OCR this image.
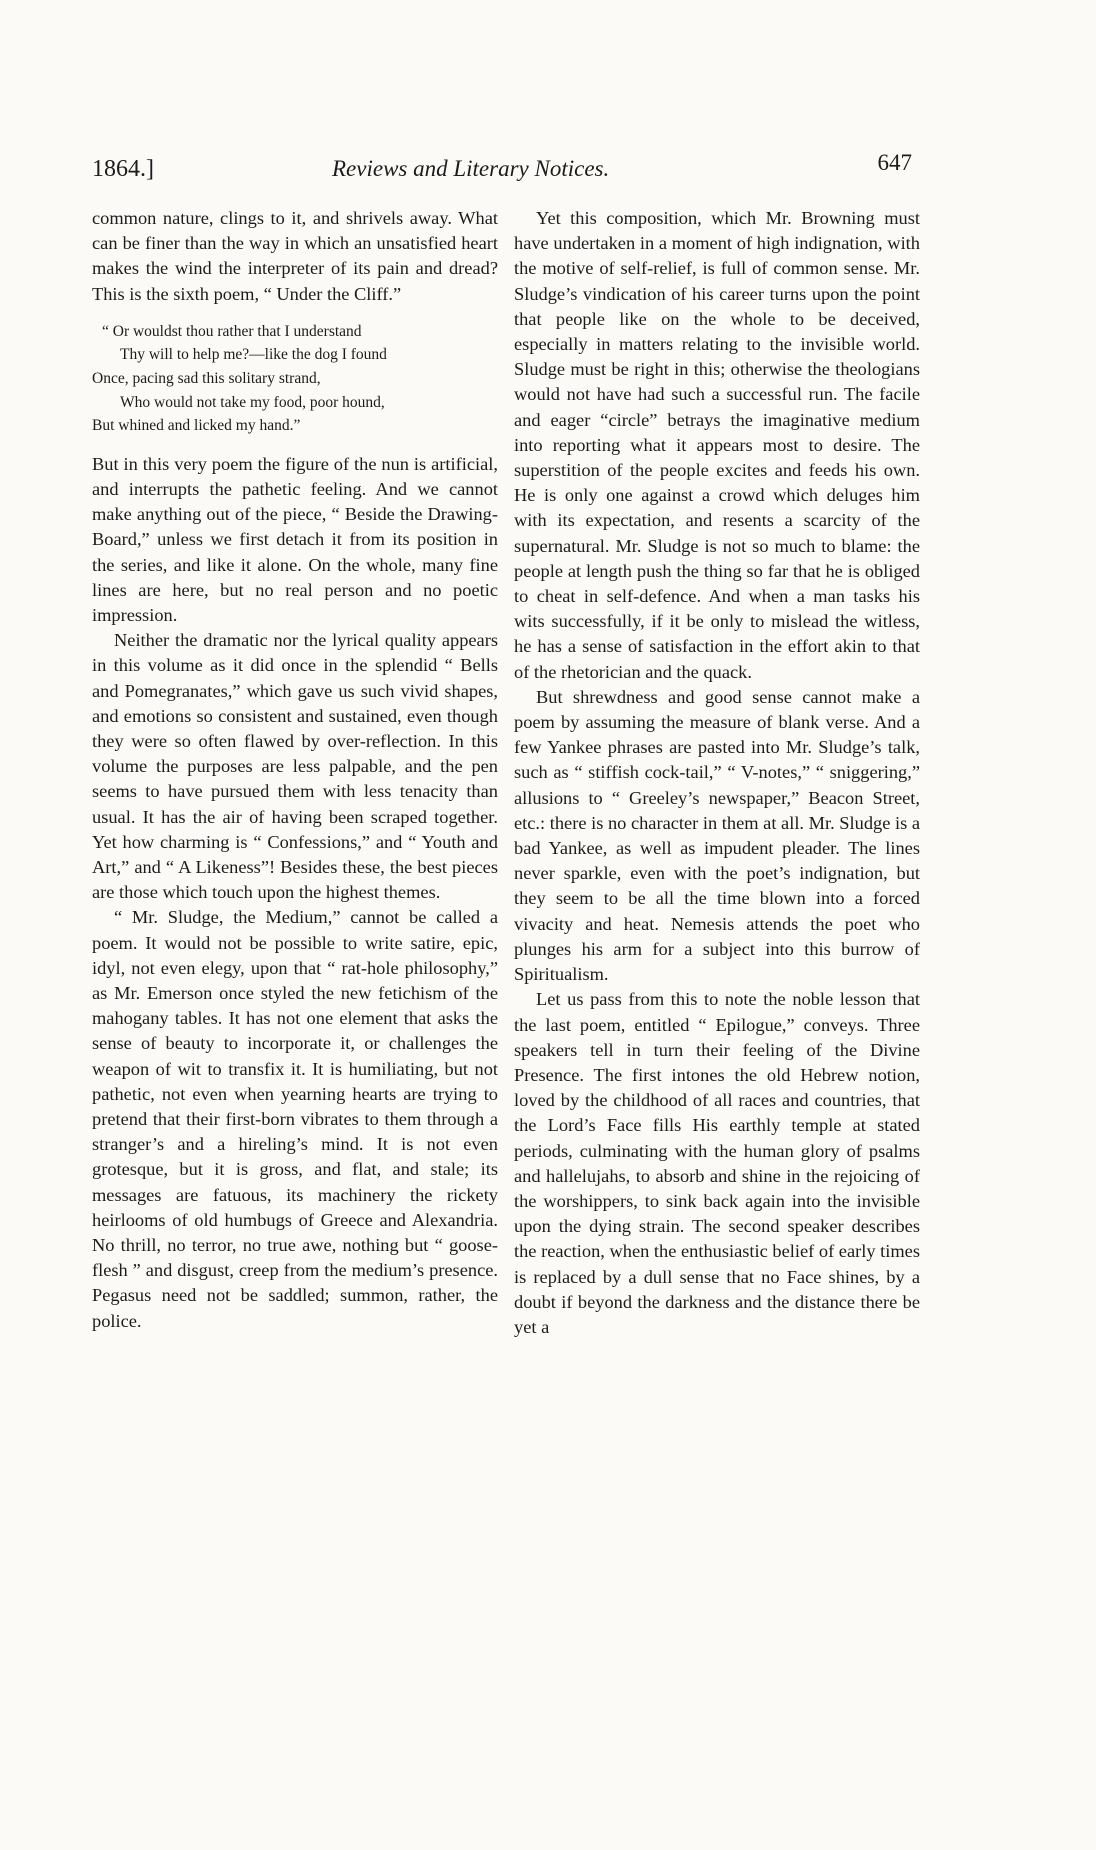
1864.]	Reviews and Literary Notices.	647

common nature, clings to it, and shrivels away. What can be finer than the way in which an unsatisfied heart makes the wind the interpreter of its pain and dread? This is the sixth poem, “ Under the Cliff.”

“ Or wouldst thou rather that I understand
Thy will to help me?—like the dog I found
Once, pacing sad this solitary strand,
Who would not take my food, poor hound,
But whined and licked my hand.”

But in this very poem the figure of the nun is artificial, and interrupts the pathetic feeling. And we cannot make anything out of the piece, “ Beside the Drawing-Board,” unless we first detach it from its position in the series, and like it alone. On the whole, many fine lines are here, but no real person and no poetic impression.

Neither the dramatic nor the lyrical quality appears in this volume as it did once in the splendid “ Bells and Pomegranates,” which gave us such vivid shapes, and emotions so consistent and sustained, even though they were so often flawed by over-reflection. In this volume the purposes are less palpable, and the pen seems to have pursued them with less tenacity than usual. It has the air of having been scraped together. Yet how charming is “ Confessions,” and “ Youth and Art,” and “ A Likeness”! Besides these, the best pieces are those which touch upon the highest themes.

“ Mr. Sludge, the Medium,” cannot be called a poem. It would not be possible to write satire, epic, idyl, not even elegy, upon that “ rat-hole philosophy,” as Mr. Emerson once styled the new fetichism of the mahogany tables. It has not one element that asks the sense of beauty to incorporate it, or challenges the weapon of wit to transfix it. It is humiliating, but not pathetic, not even when yearning hearts are trying to pretend that their first-born vibrates to them through a stranger’s and a hireling’s mind. It is not even grotesque, but it is gross, and flat, and stale; its messages are fatuous, its machinery the rickety heirlooms of old humbugs of Greece and Alexandria. No thrill, no terror, no true awe, nothing but “ goose-flesh ” and disgust, creep from the medium’s presence. Pegasus need not be saddled; summon, rather, the police.

Yet this composition, which Mr. Browning must have undertaken in a moment of high indignation, with the motive of self-relief, is full of common sense. Mr. Sludge’s vindication of his career turns upon the point that people like on the whole to be deceived, especially in matters relating to the invisible world. Sludge must be right in this; otherwise the theologians would not have had such a successful run. The facile and eager “circle” betrays the imaginative medium into reporting what it appears most to desire. The superstition of the people excites and feeds his own. He is only one against a crowd which deluges him with its expectation, and resents a scarcity of the supernatural. Mr. Sludge is not so much to blame: the people at length push the thing so far that he is obliged to cheat in self-defence. And when a man tasks his wits successfully, if it be only to mislead the witless, he has a sense of satisfaction in the effort akin to that of the rhetorician and the quack.

But shrewdness and good sense cannot make a poem by assuming the measure of blank verse. And a few Yankee phrases are pasted into Mr. Sludge’s talk, such as “ stiffish cock-tail,” “ V-notes,” “ sniggering,” allusions to “ Greeley’s newspaper,” Beacon Street, etc.: there is no character in them at all. Mr. Sludge is a bad Yankee, as well as impudent pleader. The lines never sparkle, even with the poet’s indignation, but they seem to be all the time blown into a forced vivacity and heat. Nemesis attends the poet who plunges his arm for a subject into this burrow of Spiritualism.

Let us pass from this to note the noble lesson that the last poem, entitled “ Epilogue,” conveys. Three speakers tell in turn their feeling of the Divine Presence. The first intones the old Hebrew notion, loved by the childhood of all races and countries, that the Lord’s Face fills His earthly temple at stated periods, culminating with the human glory of psalms and hallelujahs, to absorb and shine in the rejoicing of the worshippers, to sink back again into the invisible upon the dying strain. The second speaker describes the reaction, when the enthusiastic belief of early times is replaced by a dull sense that no Face shines, by a doubt if beyond the darkness and the distance there be yet a
